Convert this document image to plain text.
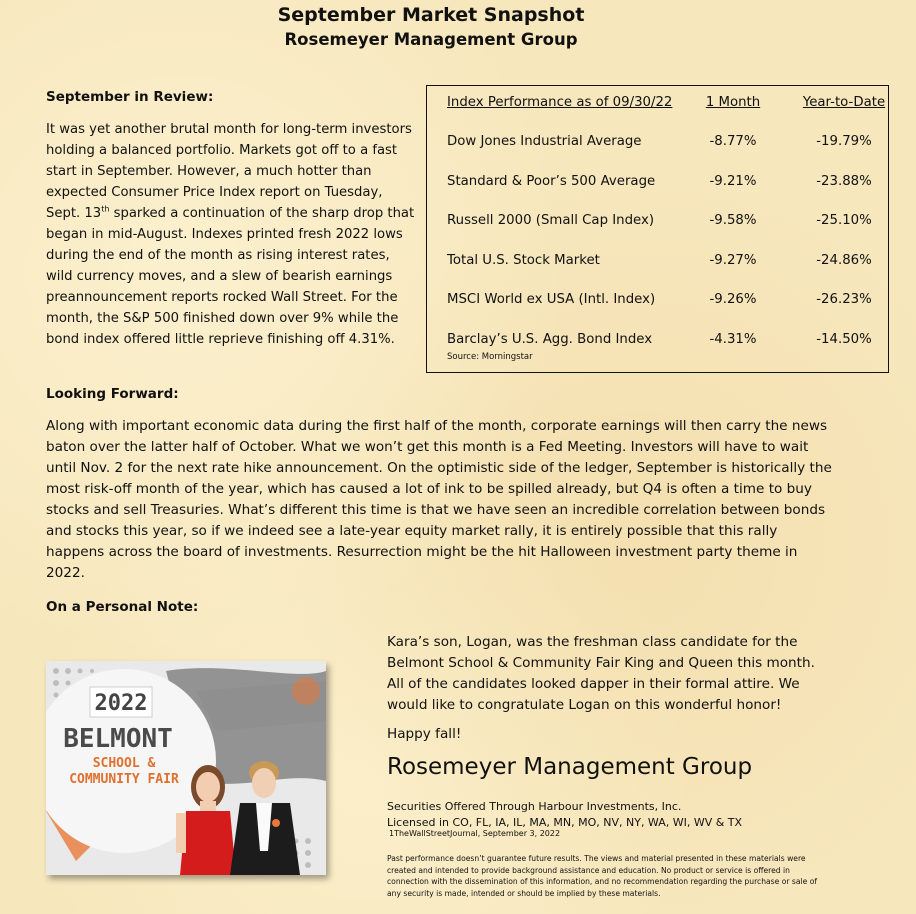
September Market Snapshot
Rosemeyer Management Group
September in Review:
It was yet another brutal month for long-term investors holding a balanced portfolio. Markets got off to a fast start in September. However, a much hotter than expected Consumer Price Index report on Tuesday, Sept. 13th sparked a continuation of the sharp drop that began in mid-August. Indexes printed fresh 2022 lows during the end of the month as rising interest rates, wild currency moves, and a slew of bearish earnings preannouncement reports rocked Wall Street. For the month, the S&P 500 finished down over 9% while the bond index offered little reprieve finishing off 4.31%.
Index Performance as of 09/30/22	1 Month	Year-to-Date
Dow Jones Industrial Average	-8.77%	-19.79%
Standard & Poor’s 500 Average	-9.21%	-23.88%
Russell 2000 (Small Cap Index)	-9.58%	-25.10%
Total U.S. Stock Market	-9.27%	-24.86%
MSCI World ex USA (Intl. Index)	-9.26%	-26.23%
Barclay’s U.S. Agg. Bond Index	-4.31%	-14.50%
Source: Morningstar
Looking Forward:
Along with important economic data during the first half of the month, corporate earnings will then carry the news baton over the latter half of October. What we won’t get this month is a Fed Meeting. Investors will have to wait until Nov. 2 for the next rate hike announcement. On the optimistic side of the ledger, September is historically the most risk-off month of the year, which has caused a lot of ink to be spilled already, but Q4 is often a time to buy stocks and sell Treasuries. What’s different this time is that we have seen an incredible correlation between bonds and stocks this year, so if we indeed see a late-year equity market rally, it is entirely possible that this rally happens across the board of investments. Resurrection might be the hit Halloween investment party theme in 2022.
On a Personal Note:
2022
BELMONT
SCHOOL &
COMMUNITY FAIR
Kara’s son, Logan, was the freshman class candidate for the Belmont School & Community Fair King and Queen this month. All of the candidates looked dapper in their formal attire. We would like to congratulate Logan on this wonderful honor!
Happy fall!
Rosemeyer Management Group
Securities Offered Through Harbour Investments, Inc.
Licensed in CO, FL, IA, IL, MA, MN, MO, NV, NY, WA, WI, WV & TX
1TheWallStreetJournal, September 3, 2022
Past performance doesn’t guarantee future results. The views and material presented in these materials were created and intended to provide background assistance and education. No product or service is offered in connection with the dissemination of this information, and no recommendation regarding the purchase or sale of any security is made, intended or should be implied by these materials.
